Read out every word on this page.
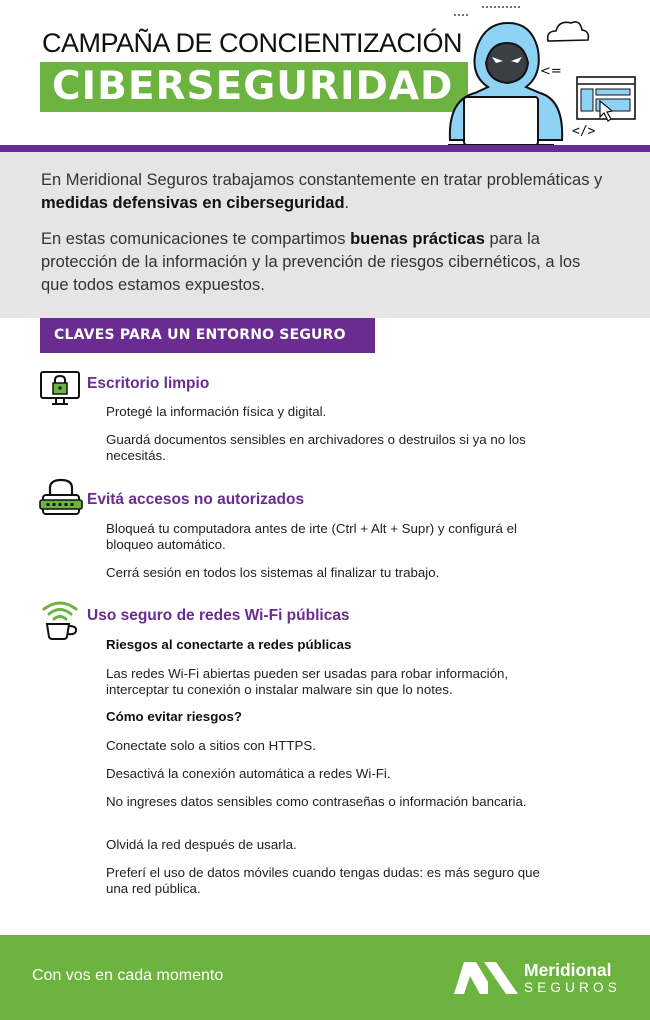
CAMPAÑA DE CONCIENTIZACIÓN
CIBERSEGURIDAD	<=
</>

En Meridional Seguros trabajamos constantemente en tratar problemáticas y medidas defensivas en ciberseguridad.

En estas comunicaciones te compartimos buenas prácticas para la protección de la información y la prevención de riesgos cibernéticos, a los que todos estamos expuestos.

CLAVES PARA UN ENTORNO SEGURO
Escritorio limpio

Protegé la información física y digital.

Guardá documentos sensibles en archivadores o destruilos si ya no los necesitás.

Evitá accesos no autorizados

Bloqueá tu computadora antes de irte (Ctrl + Alt + Supr) y configurá el bloqueo automático.

Cerrá sesión en todos los sistemas al finalizar tu trabajo.

Uso seguro de redes Wi-Fi públicas

Riesgos al conectarte a redes públicas

Las redes Wi-Fi abiertas pueden ser usadas para robar información, interceptar tu conexión o instalar malware sin que lo notes.

Cómo evitar riesgos?

Conectate solo a sitios con HTTPS.

Desactivá la conexión automática a redes Wi-Fi.

No ingreses datos sensibles como contraseñas o información bancaria.

Olvidá la red después de usarla.

Preferí el uso de datos móviles cuando tengas dudas: es más seguro que una red pública.

Con vos en cada momento	Meridional
SEGUROS
